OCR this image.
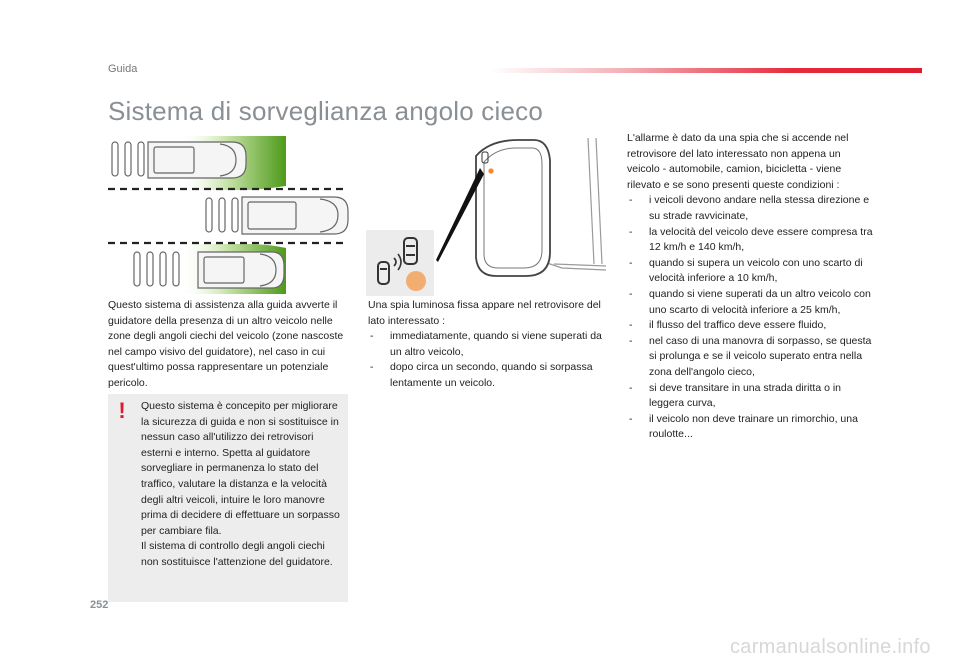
Guida
Sistema di sorveglianza angolo cieco

Questo sistema di assistenza alla guida avverte il guidatore della presenza di un altro veicolo nelle zone degli angoli ciechi del veicolo (zone nascoste nel campo visivo del guidatore), nel caso in cui quest'ultimo possa rappresentare un potenziale pericolo.

!	Questo sistema è concepito per migliorare la sicurezza di guida e non si sostituisce in nessun caso all'utilizzo dei retrovisori esterni e interno. Spetta al guidatore sorvegliare in permanenza lo stato del traffico, valutare la distanza e la velocità degli altri veicoli, intuire le loro manovre prima di decidere di effettuare un sorpasso per cambiare fila.

Il sistema di controllo degli angoli ciechi non sostituisce l'attenzione del guidatore.

Una spia luminosa fissa appare nel retrovisore del lato interessato :

- immediatamente, quando si viene superati da un altro veicolo,
- dopo circa un secondo, quando si sorpassa lentamente un veicolo.

L'allarme è dato da una spia che si accende nel retrovisore del lato interessato non appena un veicolo - automobile, camion, bicicletta - viene rilevato e se sono presenti queste condizioni :

- i veicoli devono andare nella stessa direzione e su strade ravvicinate,
- la velocità del veicolo deve essere compresa tra 12 km/h e 140 km/h,
- quando si supera un veicolo con uno scarto di velocità inferiore a 10 km/h,
- quando si viene superati da un altro veicolo con uno scarto di velocità inferiore a 25 km/h,
- il flusso del traffico deve essere fluido,
- nel caso di una manovra di sorpasso, se questa si prolunga e se il veicolo superato entra nella zona dell'angolo cieco,
- si deve transitare in una strada diritta o in leggera curva,
- il veicolo non deve trainare un rimorchio, una roulotte...
252
carmanualsonline.info
